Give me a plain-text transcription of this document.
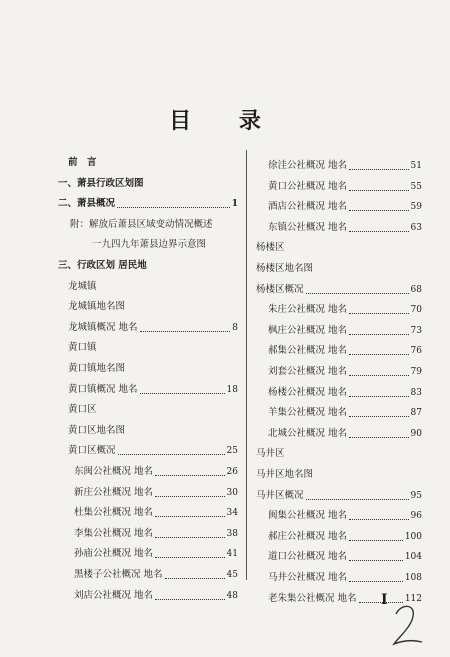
目 录
前　言
一、萧县行政区划图
二、萧县概况	1
附：解放后萧县区域变动情况概述
一九四九年萧县边界示意图
三、行政区划 居民地
龙城镇
龙城镇地名图
龙城镇概况 地名	8
黄口镇
黄口镇地名图
黄口镇概况 地名	18
黄口区
黄口区地名图
黄口区概况	25
东闽公社概况 地名	26
新庄公社概况 地名	30
杜集公社概况 地名	34
李集公社概况 地名	38
孙庙公社概况 地名	41
黑楼子公社概况 地名	45
刘店公社概况 地名	48
徐洼公社概况 地名	51
黄口公社概况 地名	55
酒店公社概况 地名	59
东镇公社概况 地名	63
杨楼区
杨楼区地名图
杨楼区概况	68
朱庄公社概况 地名	70
枫庄公社概况 地名	73
郝集公社概况 地名	76
刘套公社概况 地名	79
杨楼公社概况 地名	83
羊集公社概况 地名	87
北城公社概况 地名	90
马井区
马井区地名图
马井区概况	95
闽集公社概况 地名	96
郝庄公社概况 地名	100
道口公社概况 地名	104
马井公社概况 地名	108
老朱集公社概况 地名	112
I
